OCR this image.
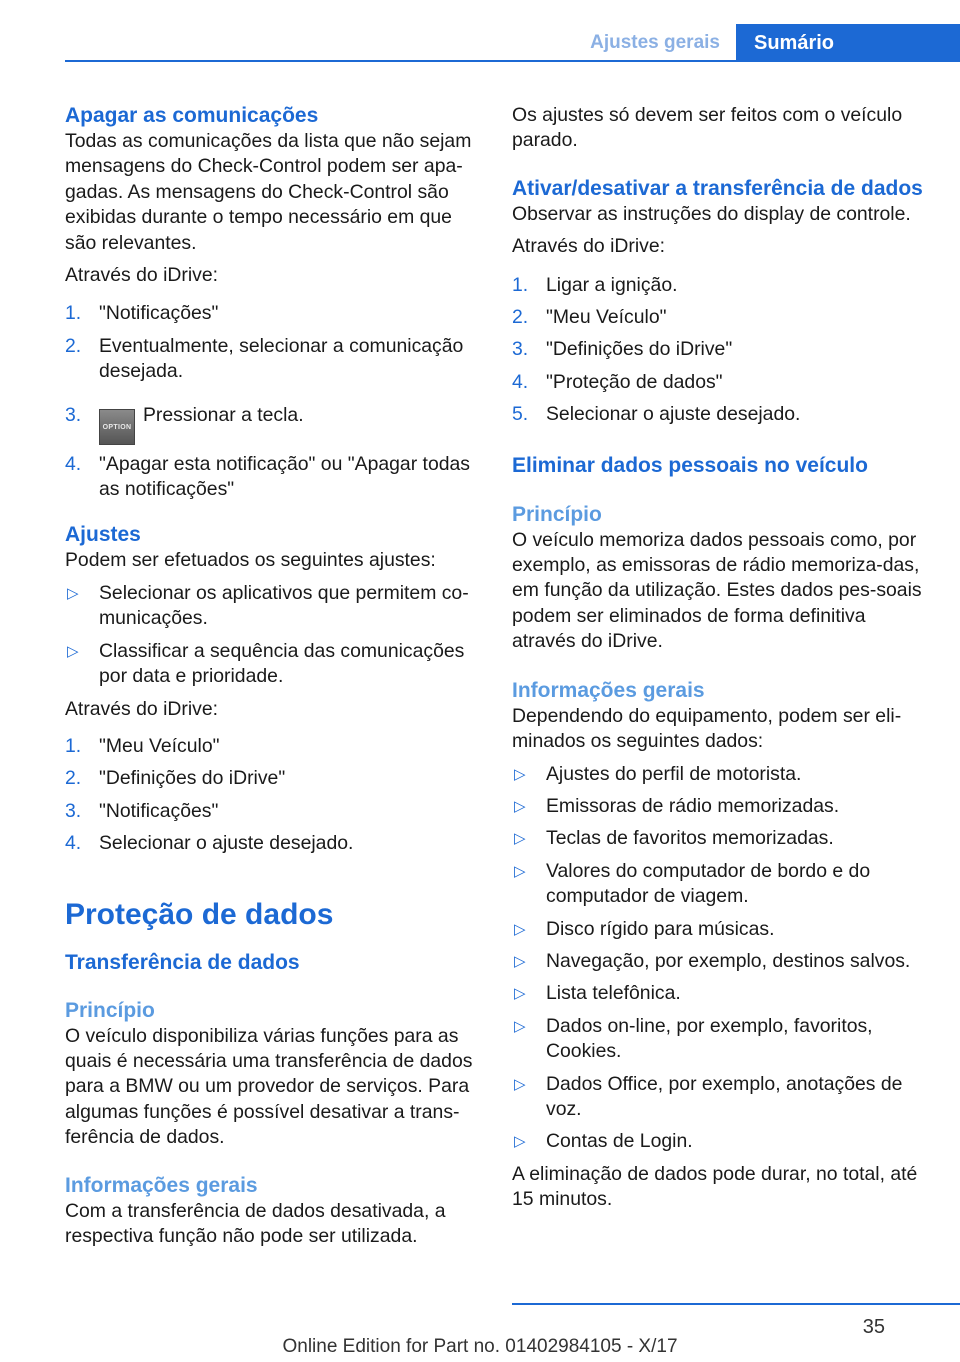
Ajustes gerais	Sumário
Apagar as comunicações

Todas as comunicações da lista que não sejam mensagens do Check-Control podem ser apa-gadas. As mensagens do Check-Control são exibidas durante o tempo necessário em que são relevantes.

Através do iDrive:

1. "Notificações"
2. Eventualmente, selecionar a comunicação desejada.
3.
OPTIONPressionar a tecla.
4. "Apagar esta notificação" ou "Apagar todas as notificações"
Ajustes

Podem ser efetuados os seguintes ajustes:

▷ Selecionar os aplicativos que permitem co-municações.
▷ Classificar a sequência das comunicações por data e prioridade.

Através do iDrive:

1. "Meu Veículo"
2. "Definições do iDrive"
3. "Notificações"
4. Selecionar o ajuste desejado.
Proteção de dados
Transferência de dados
Princípio

O veículo disponibiliza várias funções para as quais é necessária uma transferência de dados para a BMW ou um provedor de serviços. Para algumas funções é possível desativar a trans-ferência de dados.

Informações gerais

Com a transferência de dados desativada, a respectiva função não pode ser utilizada.

Os ajustes só devem ser feitos com o veículo parado.

Ativar/desativar a transferência de dados

Observar as instruções do display de controle.

Através do iDrive:

1. Ligar a ignição.
2. "Meu Veículo"
3. "Definições do iDrive"
4. "Proteção de dados"
5. Selecionar o ajuste desejado.
Eliminar dados pessoais no veículo
Princípio

O veículo memoriza dados pessoais como, por exemplo, as emissoras de rádio memoriza-das, em função da utilização. Estes dados pes-soais podem ser eliminados de forma definitiva através do iDrive.

Informações gerais

Dependendo do equipamento, podem ser eli-minados os seguintes dados:

▷ Ajustes do perfil de motorista.
▷ Emissoras de rádio memorizadas.
▷ Teclas de favoritos memorizadas.
▷ Valores do computador de bordo e do computador de viagem.
▷ Disco rígido para músicas.
▷ Navegação, por exemplo, destinos salvos.
▷ Lista telefônica.
▷ Dados on-line, por exemplo, favoritos, Cookies.
▷ Dados Office, por exemplo, anotações de voz.
▷ Contas de Login.

A eliminação de dados pode durar, no total, até 15 minutos.

35
Online Edition for Part no. 01402984105 - X/17
